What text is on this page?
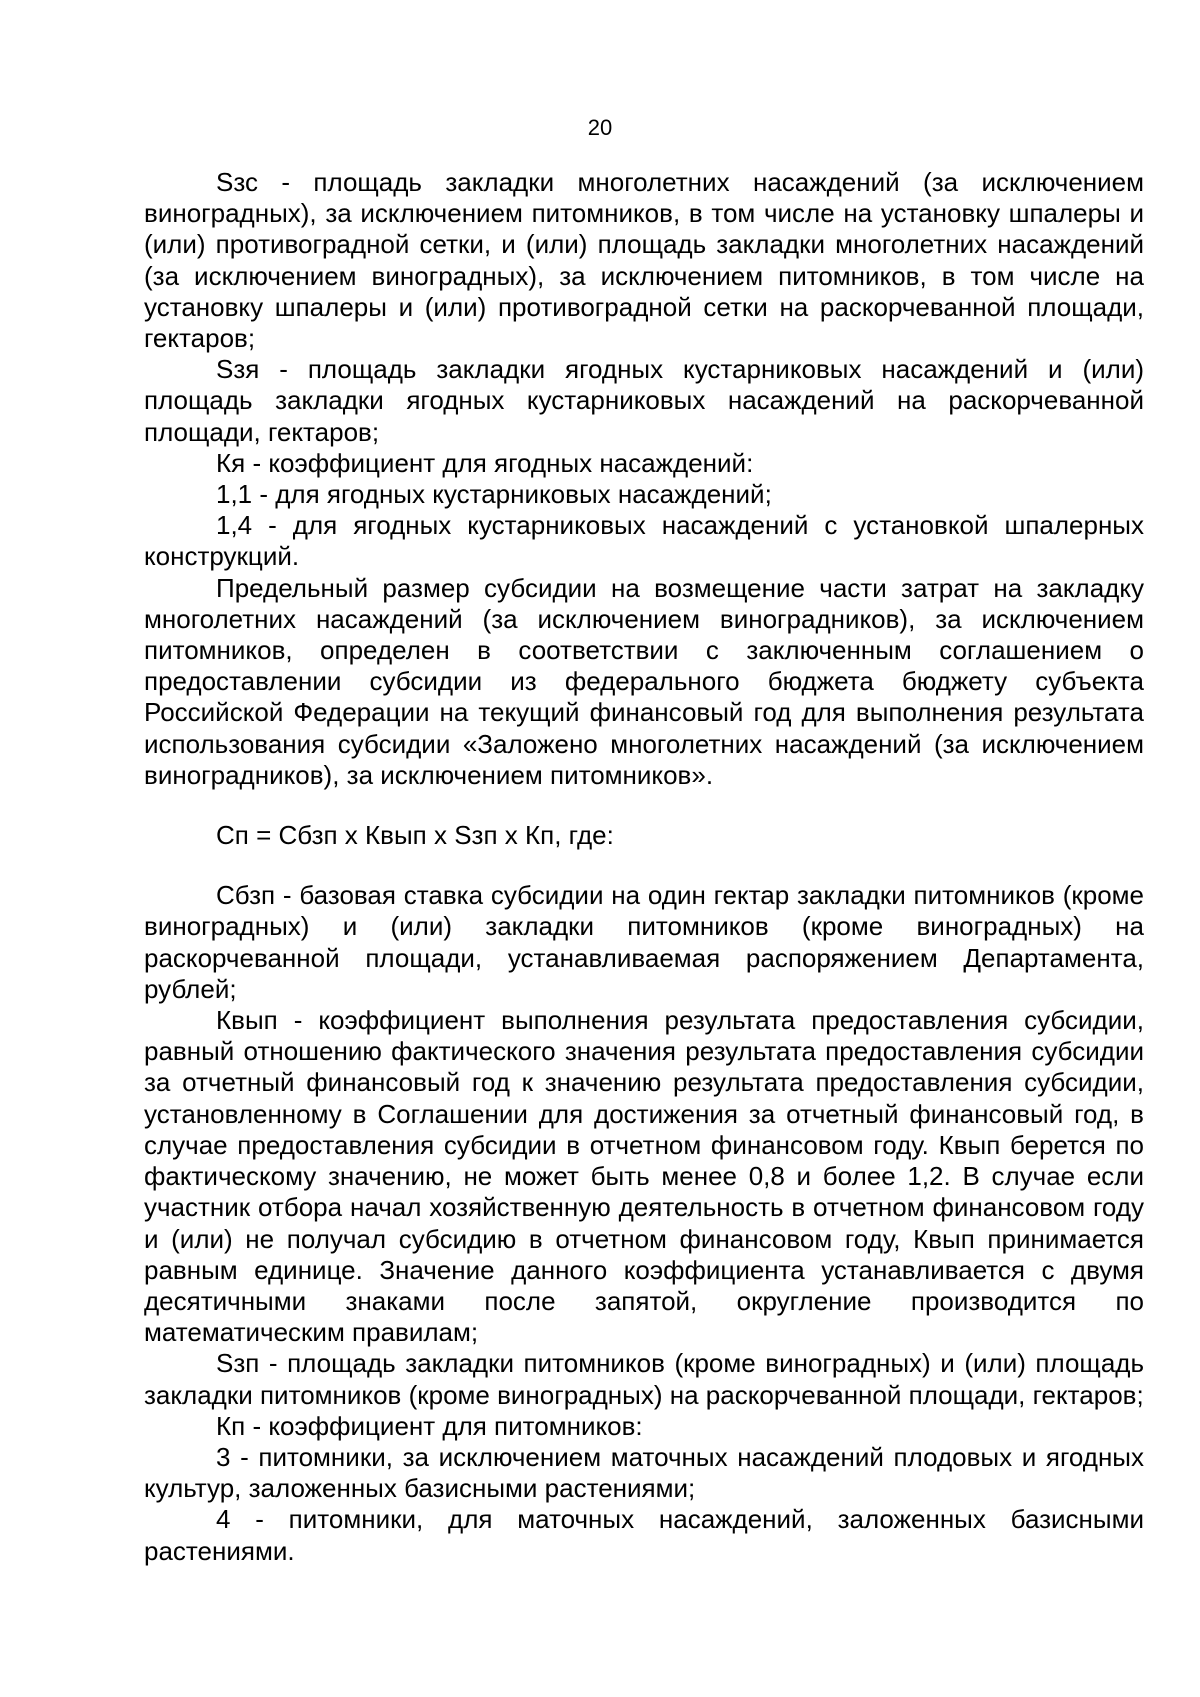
20

Sзс - площадь закладки многолетних насаждений (за исключением виноградных), за исключением питомников, в том числе на установку шпалеры и (или) противоградной сетки, и (или) площадь закладки многолетних насаждений (за исключением виноградных), за исключением питомников, в том числе на установку шпалеры и (или) противоградной сетки на раскорчеванной площади, гектаров;

Sзя - площадь закладки ягодных кустарниковых насаждений и (или) площадь закладки ягодных кустарниковых насаждений на раскорчеванной площади, гектаров;

Кя - коэффициент для ягодных насаждений:

1,1 - для ягодных кустарниковых насаждений;

1,4 - для ягодных кустарниковых насаждений с установкой шпалерных конструкций.

Предельный размер субсидии на возмещение части затрат на закладку многолетних насаждений (за исключением виноградников), за исключением питомников, определен в соответствии с заключенным соглашением о предоставлении субсидии из федерального бюджета бюджету субъекта Российской Федерации на текущий финансовый год для выполнения результата использования субсидии «Заложено многолетних насаждений (за исключением виноградников), за исключением питомников».

Сп = Сбзп х Квып х Sзп х Кп, где:

Сбзп - базовая ставка субсидии на один гектар закладки питомников (кроме виноградных) и (или) закладки питомников (кроме виноградных) на раскорчеванной площади, устанавливаемая распоряжением Департамента, рублей;

Квып - коэффициент выполнения результата предоставления субсидии, равный отношению фактического значения результата предоставления субсидии за отчетный финансовый год к значению результата предоставления субсидии, установленному в Соглашении для достижения за отчетный финансовый год, в случае предоставления субсидии в отчетном финансовом году. Квып берется по фактическому значению, не может быть менее 0,8 и более 1,2. В случае если участник отбора начал хозяйственную деятельность в отчетном финансовом году и (или) не получал субсидию в отчетном финансовом году, Квып принимается равным единице. Значение данного коэффициента устанавливается с двумя десятичными знаками после запятой, округление производится по математическим правилам;

Sзп - площадь закладки питомников (кроме виноградных) и (или) площадь закладки питомников (кроме виноградных) на раскорчеванной площади, гектаров;

Кп - коэффициент для питомников:

3 - питомники, за исключением маточных насаждений плодовых и ягодных культур, заложенных базисными растениями;

4 - питомники, для маточных насаждений, заложенных базисными растениями.
